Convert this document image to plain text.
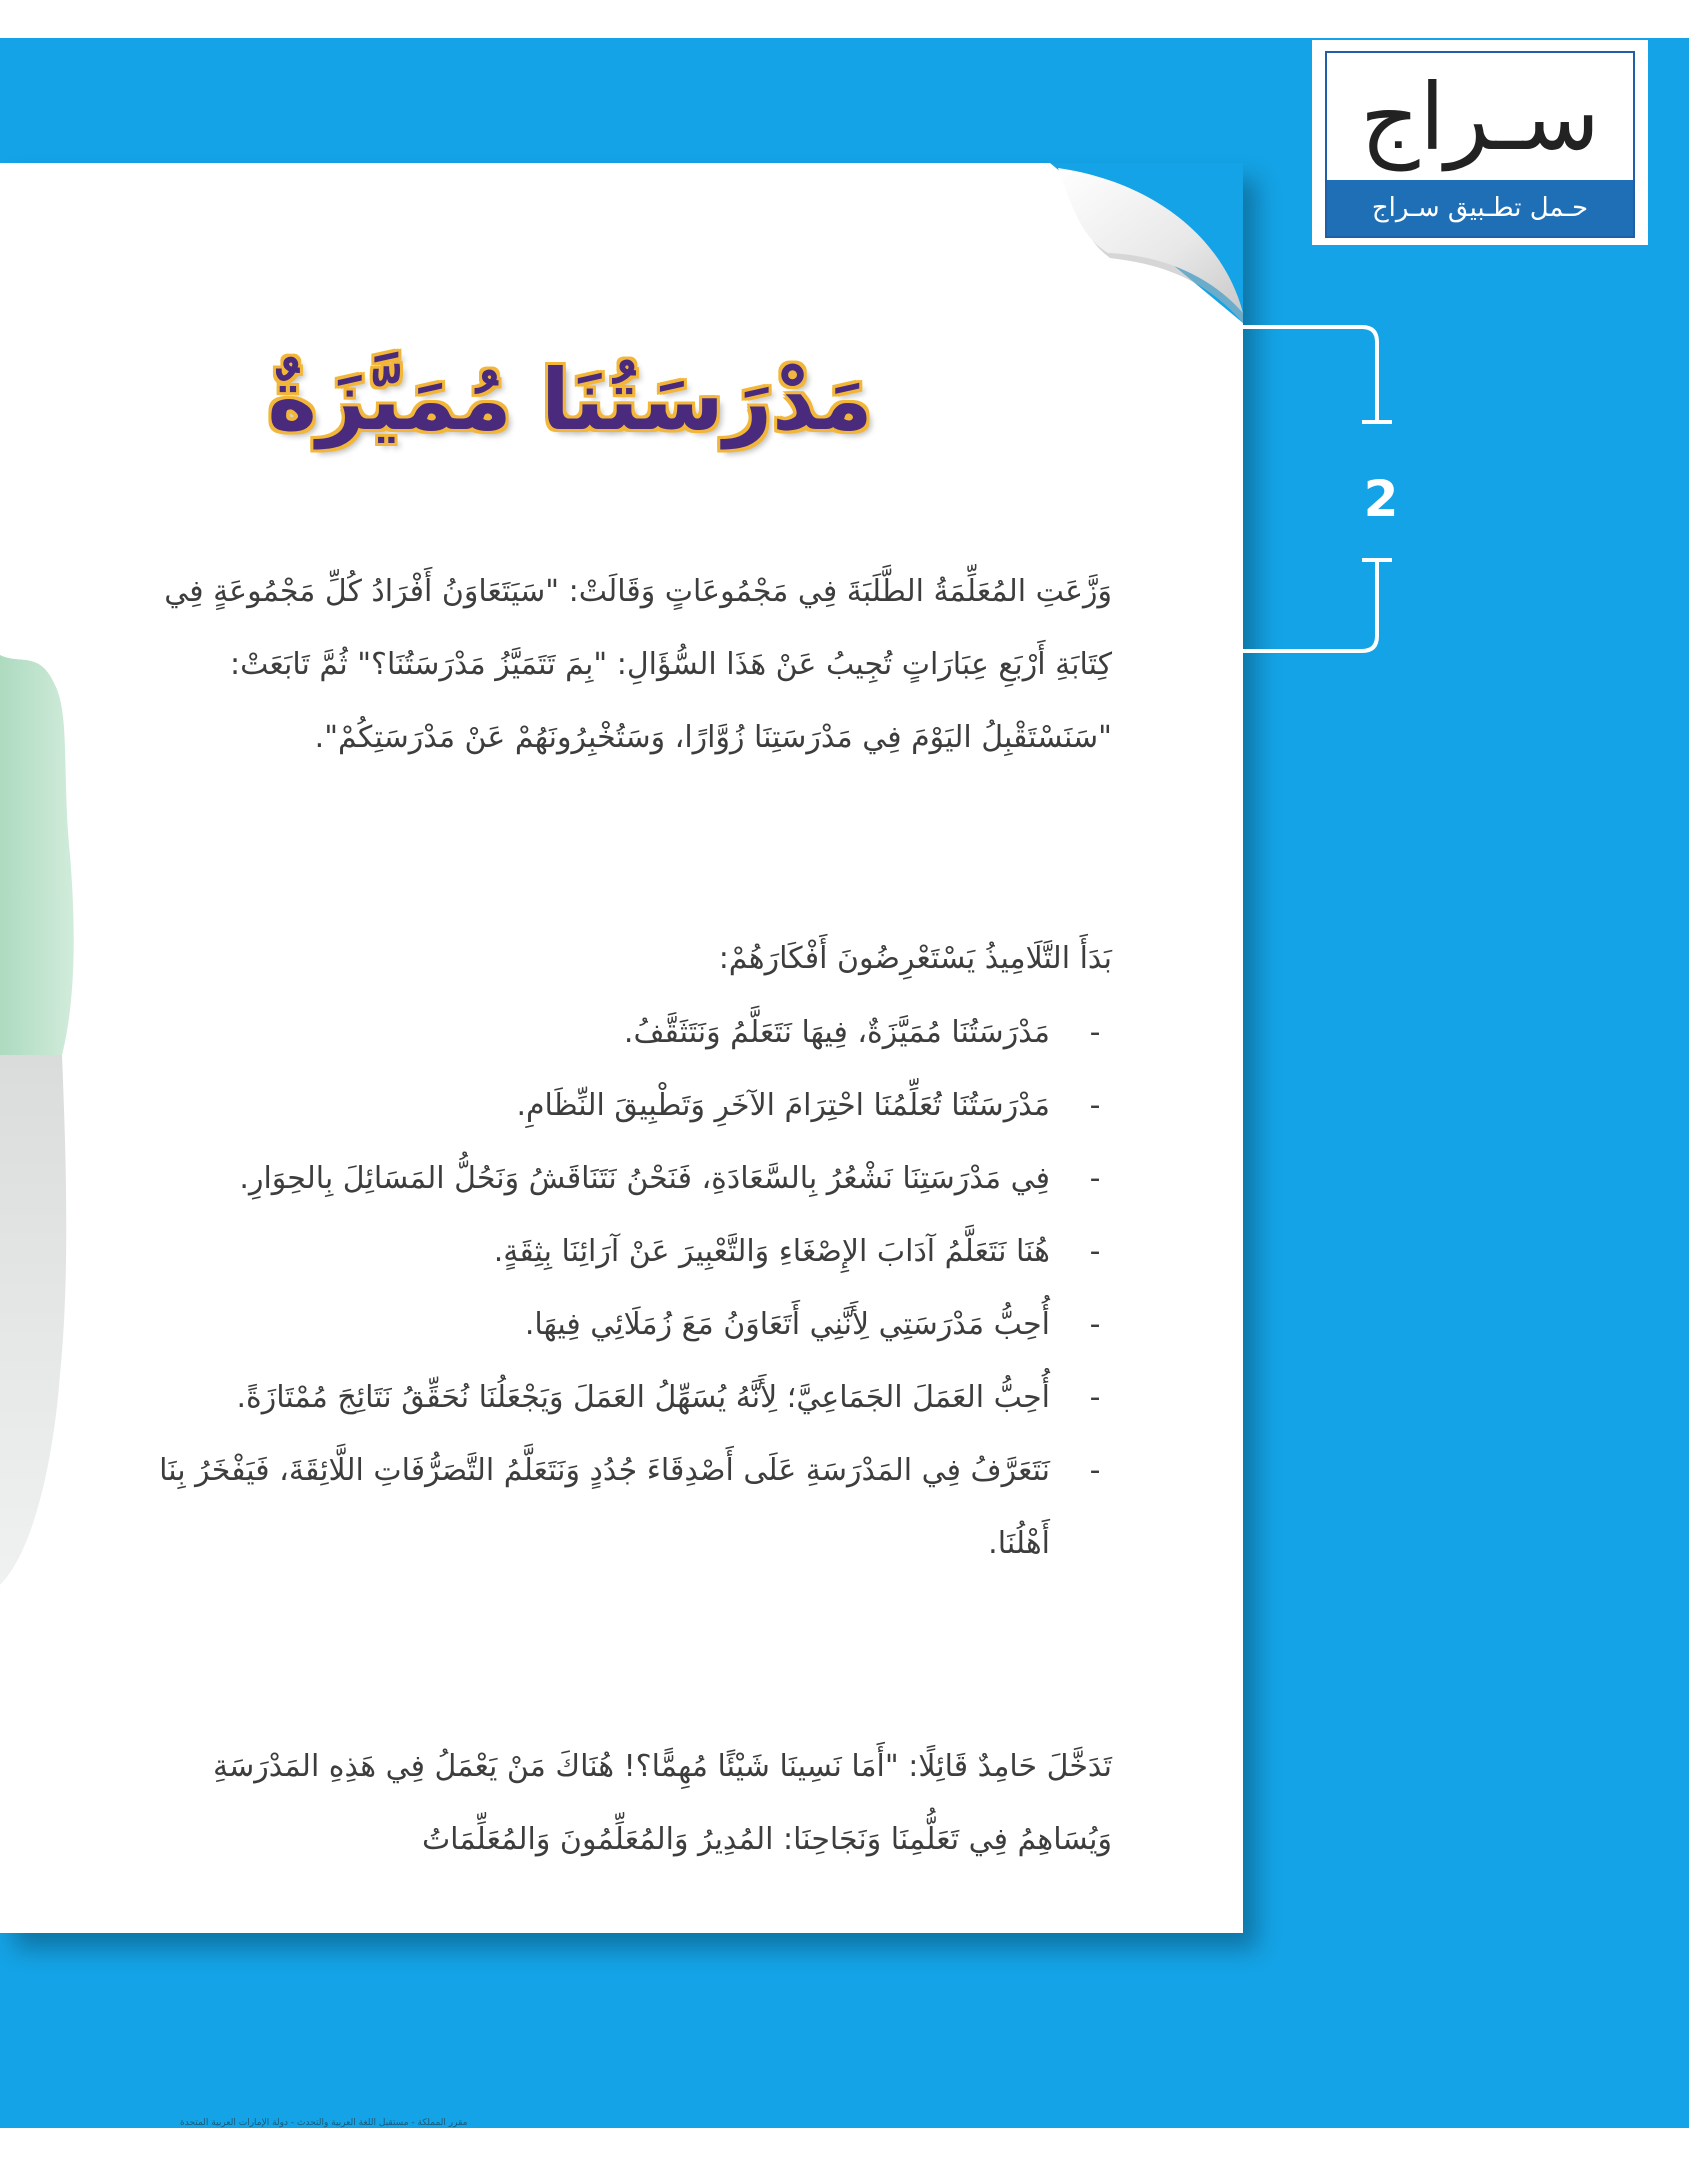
مقرر المملكة - مستقبل اللغة العربية والتحدث - دولة الإمارات العربية المتحدة
سـراج
حـمل تطـبيق سـراج
2
مَدْرَسَتُنَا مُمَيَّزَةٌ
وَزَّعَتِ المُعَلِّمَةُ الطَّلَبَةَ فِي مَجْمُوعَاتٍ وَقَالَتْ: "سَيَتَعَاوَنُ أَفْرَادُ كُلِّ مَجْمُوعَةٍ فِي كِتَابَةِ أَرْبَعِ عِبَارَاتٍ تُجِيبُ عَنْ هَذَا السُّؤَالِ: "بِمَ تَتَمَيَّزُ مَدْرَسَتُنَا؟" ثُمَّ تَابَعَتْ: "سَنَسْتَقْبِلُ اليَوْمَ فِي مَدْرَسَتِنَا زُوَّارًا، وَسَتُخْبِرُونَهُمْ عَنْ مَدْرَسَتِكُمْ".
بَدَأَ التَّلَامِيذُ يَسْتَعْرِضُونَ أَفْكَارَهُمْ:
-
مَدْرَسَتُنَا مُمَيَّزَةٌ، فِيهَا نَتَعَلَّمُ وَنَتَثَقَّفُ.
-
مَدْرَسَتُنَا تُعَلِّمُنَا احْتِرَامَ الآخَرِ وَتَطْبِيقَ النِّظَامِ.
-
فِي مَدْرَسَتِنَا نَشْعُرُ بِالسَّعَادَةِ، فَنَحْنُ نَتَنَاقَشُ وَنَحُلُّ المَسَائِلَ بِالحِوَارِ.
-
هُنَا نَتَعَلَّمُ آدَابَ الإِصْغَاءِ وَالتَّعْبِيرَ عَنْ آرَائِنَا بِثِقَةٍ.
-
أُحِبُّ مَدْرَسَتِي لِأَنَّنِي أَتَعَاوَنُ مَعَ زُمَلَائِي فِيهَا.
-
أُحِبُّ العَمَلَ الجَمَاعِيَّ؛ لِأَنَّهُ يُسَهِّلُ العَمَلَ وَيَجْعَلُنَا نُحَقِّقُ نَتَائِجَ مُمْتَازَةً.
-
نَتَعَرَّفُ فِي المَدْرَسَةِ عَلَى أَصْدِقَاءَ جُدُدٍ وَنَتَعَلَّمُ التَّصَرُّفَاتِ اللَّائِقَةَ، فَيَفْخَرُ بِنَا أَهْلُنَا.
تَدَخَّلَ حَامِدٌ قَائِلًا: "أَمَا نَسِينَا شَيْئًا مُهِمًّا؟! هُنَاكَ مَنْ يَعْمَلُ فِي هَذِهِ المَدْرَسَةِ وَيُسَاهِمُ فِي تَعَلُّمِنَا وَنَجَاحِنَا: المُدِيرُ وَالمُعَلِّمُونَ وَالمُعَلِّمَاتُ
